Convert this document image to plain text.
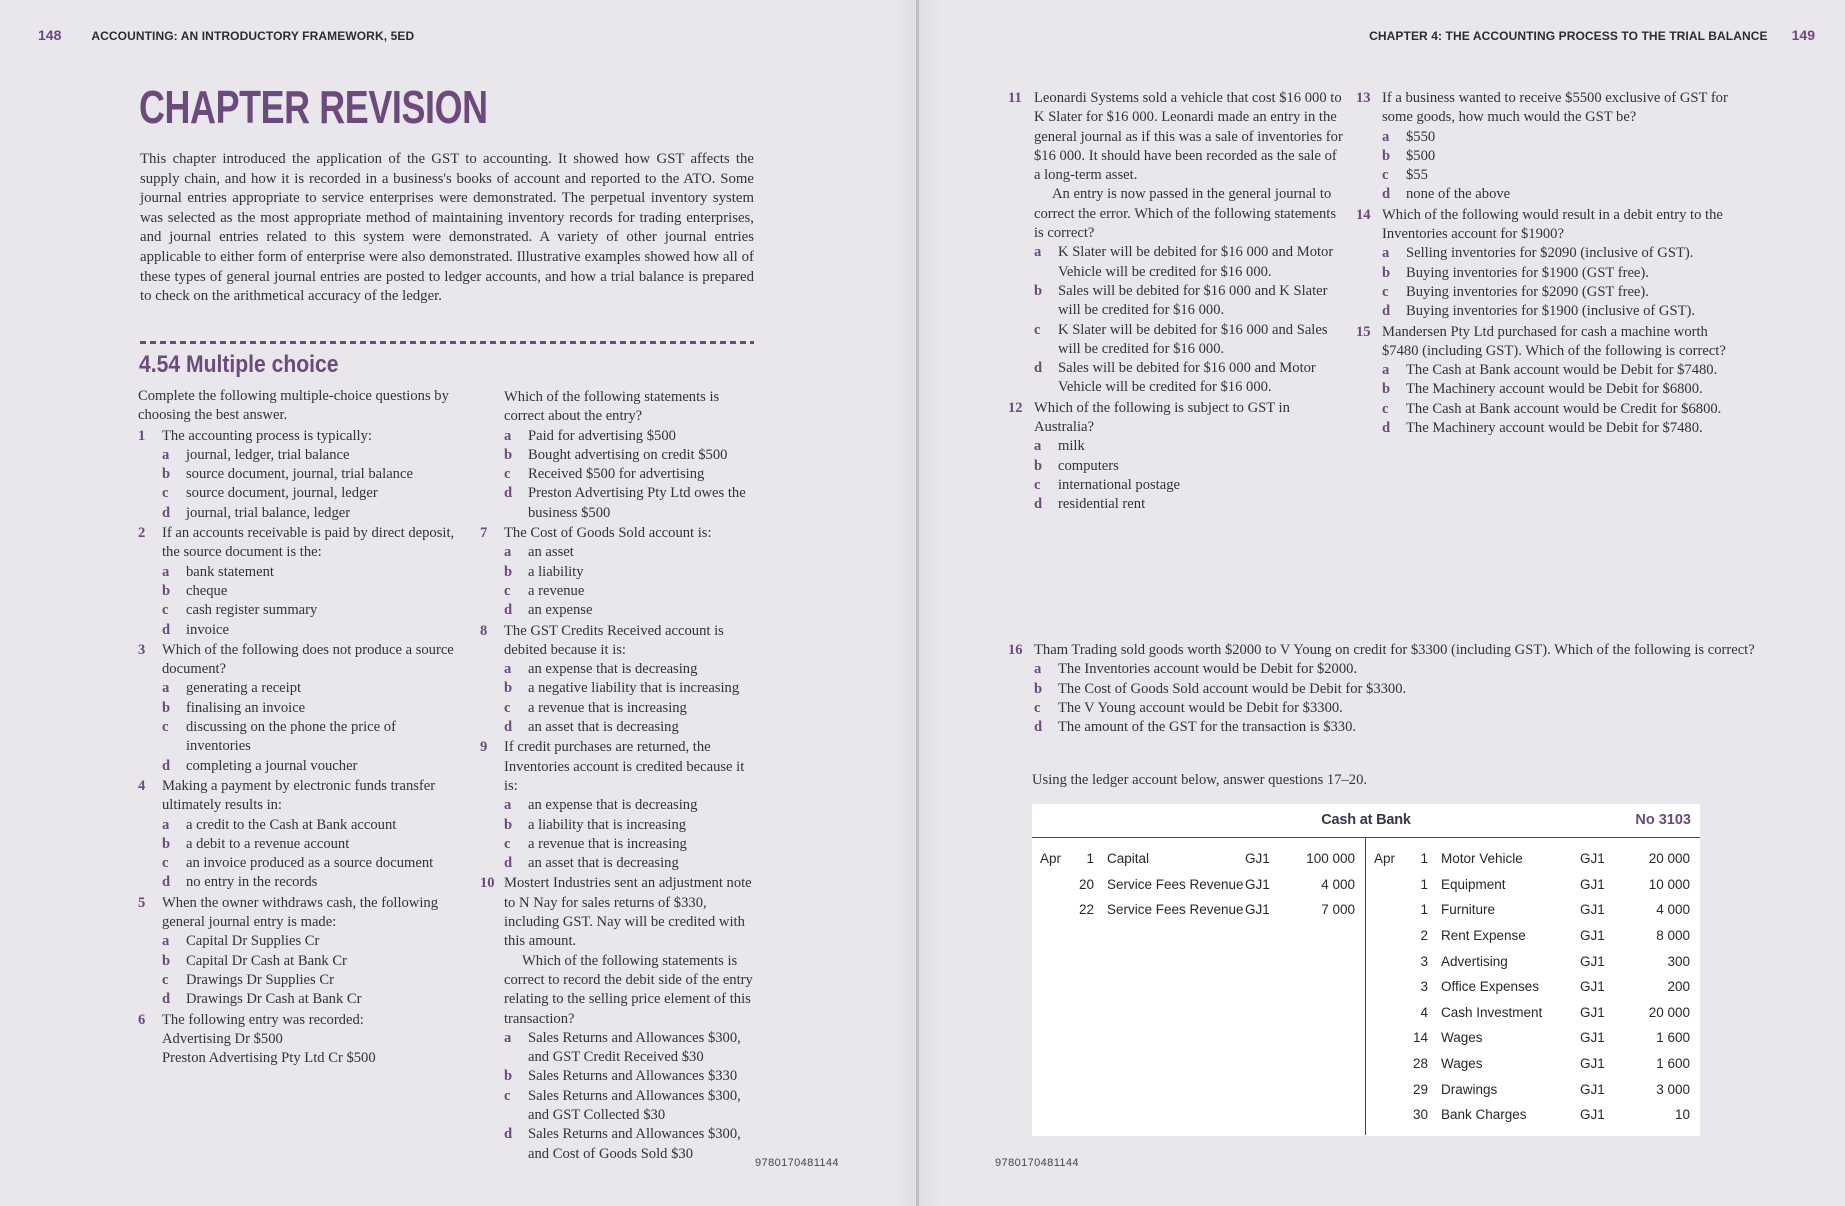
148	ACCOUNTING: AN INTRODUCTORY FRAMEWORK, 5ED	CHAPTER 4: THE ACCOUNTING PROCESS TO THE TRIAL BALANCE 149
CHAPTER REVISION
This chapter introduced the application of the GST to accounting. It showed how GST affects the supply chain, and how it is recorded in a business's books of account and reported to the ATO. Some journal entries appropriate to service enterprises were demonstrated. The perpetual inventory system was selected as the most appropriate method of maintaining inventory records for trading enterprises, and journal entries related to this system were demonstrated. A variety of other journal entries applicable to either form of enterprise were also demonstrated. Illustrative examples showed how all of these types of general journal entries are posted to ledger accounts, and how a trial balance is prepared to check on the arithmetical accuracy of the ledger.
4.54 Multiple choice
Complete the following multiple-choice questions by choosing the best answer.
1	The accounting process is typically:
a	journal, ledger, trial balance
b	source document, journal, trial balance
c	source document, journal, ledger
d	journal, trial balance, ledger
2	If an accounts receivable is paid by direct deposit, the source document is the:
a	bank statement
b	cheque
c	cash register summary
d	invoice
3	Which of the following does not produce a source document?
a	generating a receipt
b	finalising an invoice
c	discussing on the phone the price of inventories
d	completing a journal voucher
4	Making a payment by electronic funds transfer ultimately results in:
a	a credit to the Cash at Bank account
b	a debit to a revenue account
c	an invoice produced as a source document
d	no entry in the records
5	When the owner withdraws cash, the following general journal entry is made:
a	Capital Dr Supplies Cr
b	Capital Dr Cash at Bank Cr
c	Drawings Dr Supplies Cr
d	Drawings Dr Cash at Bank Cr
6	The following entry was recorded:
Advertising Dr $500
Preston Advertising Pty Ltd Cr $500
Which of the following statements is correct about the entry?
a	Paid for advertising $500
b	Bought advertising on credit $500
c	Received $500 for advertising
d	Preston Advertising Pty Ltd owes the business $500
7	The Cost of Goods Sold account is:
a	an asset
b	a liability
c	a revenue
d	an expense
8	The GST Credits Received account is debited because it is:
a	an expense that is decreasing
b	a negative liability that is increasing
c	a revenue that is increasing
d	an asset that is decreasing
9	If credit purchases are returned, the Inventories account is credited because it is:
a	an expense that is decreasing
b	a liability that is increasing
c	a revenue that is increasing
d	an asset that is decreasing
10 Mostert Industries sent an adjustment note to N Nay for sales returns of $330, including GST. Nay will be credited with this amount.
Which of the following statements is correct to record the debit side of the entry relating to the selling price element of this transaction?
a	Sales Returns and Allowances $300, and GST Credit Received $30
b	Sales Returns and Allowances $330
c	Sales Returns and Allowances $300, and GST Collected $30
d	Sales Returns and Allowances $300, and Cost of Goods Sold $30
11 Leonardi Systems sold a vehicle that cost $16 000 to K Slater for $16 000. Leonardi made an entry in the general journal as if this was a sale of inventories for $16 000. It should have been recorded as the sale of a long-term asset.
An entry is now passed in the general journal to correct the error. Which of the following statements is correct?
a	K Slater will be debited for $16 000 and Motor Vehicle will be credited for $16 000.
b	Sales will be debited for $16 000 and K Slater will be credited for $16 000.
c	K Slater will be debited for $16 000 and Sales will be credited for $16 000.
d	Sales will be debited for $16 000 and Motor Vehicle will be credited for $16 000.
12 Which of the following is subject to GST in Australia?
a	milk
b	computers
c	international postage
d	residential rent
13 If a business wanted to receive $5500 exclusive of GST for some goods, how much would the GST be?
a	$550
b	$500
c	$55
d	none of the above
14 Which of the following would result in a debit entry to the Inventories account for $1900?
a	Selling inventories for $2090 (inclusive of GST).
b	Buying inventories for $1900 (GST free).
c	Buying inventories for $2090 (GST free).
d	Buying inventories for $1900 (inclusive of GST).
15 Mandersen Pty Ltd purchased for cash a machine worth $7480 (including GST). Which of the following is correct?
a	The Cash at Bank account would be Debit for $7480.
b	The Machinery account would be Debit for $6800.
c	The Cash at Bank account would be Credit for $6800.
d	The Machinery account would be Debit for $7480.
16 Tham Trading sold goods worth $2000 to V Young on credit for $3300 (including GST). Which of the following is correct?
a	The Inventories account would be Debit for $2000.
b	The Cost of Goods Sold account would be Debit for $3300.
c	The V Young account would be Debit for $3300.
d	The amount of the GST for the transaction is $330.
Using the ledger account below, answer questions 17–20.
Cash at Bank	No 3103
Apr	1 Capital	GJ1	100 000
20 Service Fees Revenue GJ1	4 000
22 Service Fees Revenue GJ1	7 000
Apr	1 Motor Vehicle	GJ1	20 000
1 Equipment	GJ1	10 000
1 Furniture	GJ1	4 000
2 Rent Expense	GJ1	8 000
3 Advertising	GJ1	300
3 Office Expenses	GJ1	200
4 Cash Investment	GJ1	20 000
14 Wages	GJ1	1 600
28 Wages	GJ1	1 600
29 Drawings	GJ1	3 000
30 Bank Charges	GJ1	10
9780170481144	9780170481144
